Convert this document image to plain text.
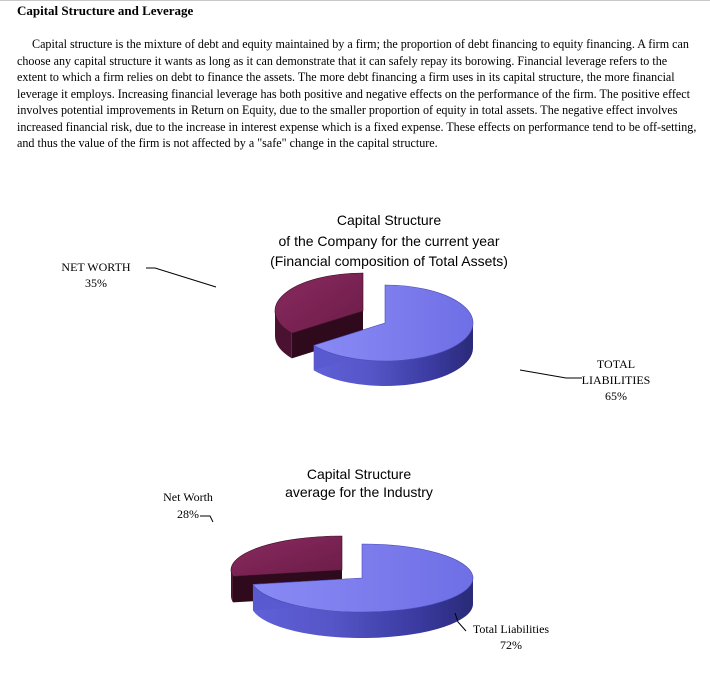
Capital Structure and Leverage
Capital structure is the mixture of debt and equity maintained by a firm; the proportion of debt financing to equity financing. A firm can choose any capital structure it wants as long as it can demonstrate that it can safely repay its borowing. Financial leverage refers to the extent to which a firm relies on debt to finance the assets. The more debt financing a firm uses in its capital structure, the more financial leverage it employs. Increasing financial leverage has both positive and negative effects on the performance of the firm. The positive effect involves potential improvements in Return on Equity, due to the smaller proportion of equity in total assets. The negative effect involves increased financial risk, due to the increase in interest expense which is a fixed expense. These effects on performance tend to be off-setting, and thus the value of the firm is not affected by a "safe" change in the capital structure.
Capital Structure
of the Company for the current year
(Financial composition of Total Assets)
TOTAL
LIABILITIES
65%
NET WORTH
35%
Capital Structure
average for the Industry
Total Liabilities
72%
Net Worth
28%
